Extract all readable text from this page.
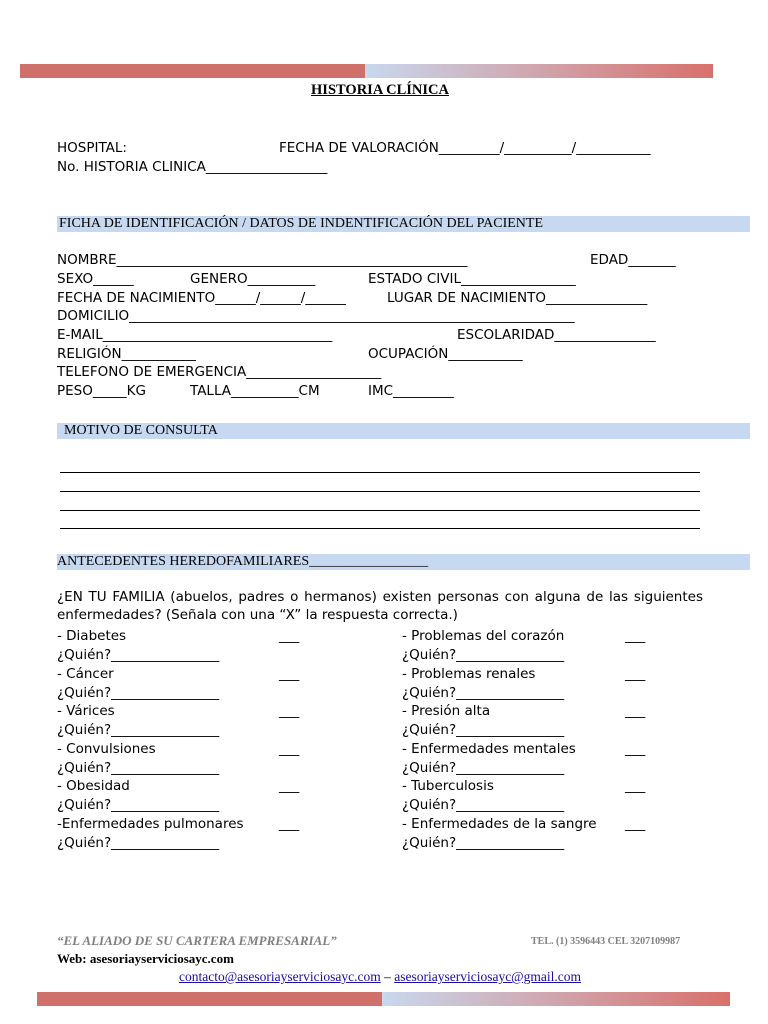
HISTORIA CLÍNICA
HOSPITAL:	FECHA DE VALORACIÓN_________/__________/___________
No. HISTORIA CLINICA__________________
FICHA DE IDENTIFICACIÓN / DATOS DE INDENTIFICACIÓN DEL PACIENTE
NOMBRE____________________________________________________	EDAD_______
SEXO______	GENERO__________	ESTADO CIVIL_________________
FECHA DE NACIMIENTO______/______/______	LUGAR DE NACIMIENTO_______________
DOMICILIO__________________________________________________________________
E-MAIL__________________________________	ESCOLARIDAD_______________
RELIGIÓN___________	OCUPACIÓN___________
TELEFONO DE EMERGENCIA____________________
PESO_____KG	TALLA__________CM	IMC_________
MOTIVO DE CONSULTA
ANTECEDENTES HEREDOFAMILIARES_________________
¿EN TU FAMILIA (abuelos, padres o hermanos) existen personas con alguna de las siguientes enfermedades? (Señala con una “X” la respuesta correcta.)
- Diabetes	___
¿Quién?________________
- Problemas del corazón	___
¿Quién?________________
- Cáncer	___
¿Quién?________________
- Problemas renales	___
¿Quién?________________
- Várices	___
¿Quién?________________
- Presión alta	___
¿Quién?________________
- Convulsiones	___
¿Quién?________________
- Enfermedades mentales	___
¿Quién?________________
- Obesidad	___
¿Quién?________________
- Tuberculosis	___
¿Quién?________________
-Enfermedades pulmonares	___
¿Quién?________________
- Enfermedades de la sangre ___
¿Quién?________________
“EL ALIADO DE SU CARTERA EMPRESARIAL”	TEL. (1) 3596443 CEL 3207109987
Web: asesoriayserviciosayc.com
contacto@asesoriayserviciosayc.com – asesoriayserviciosayc@gmail.com
